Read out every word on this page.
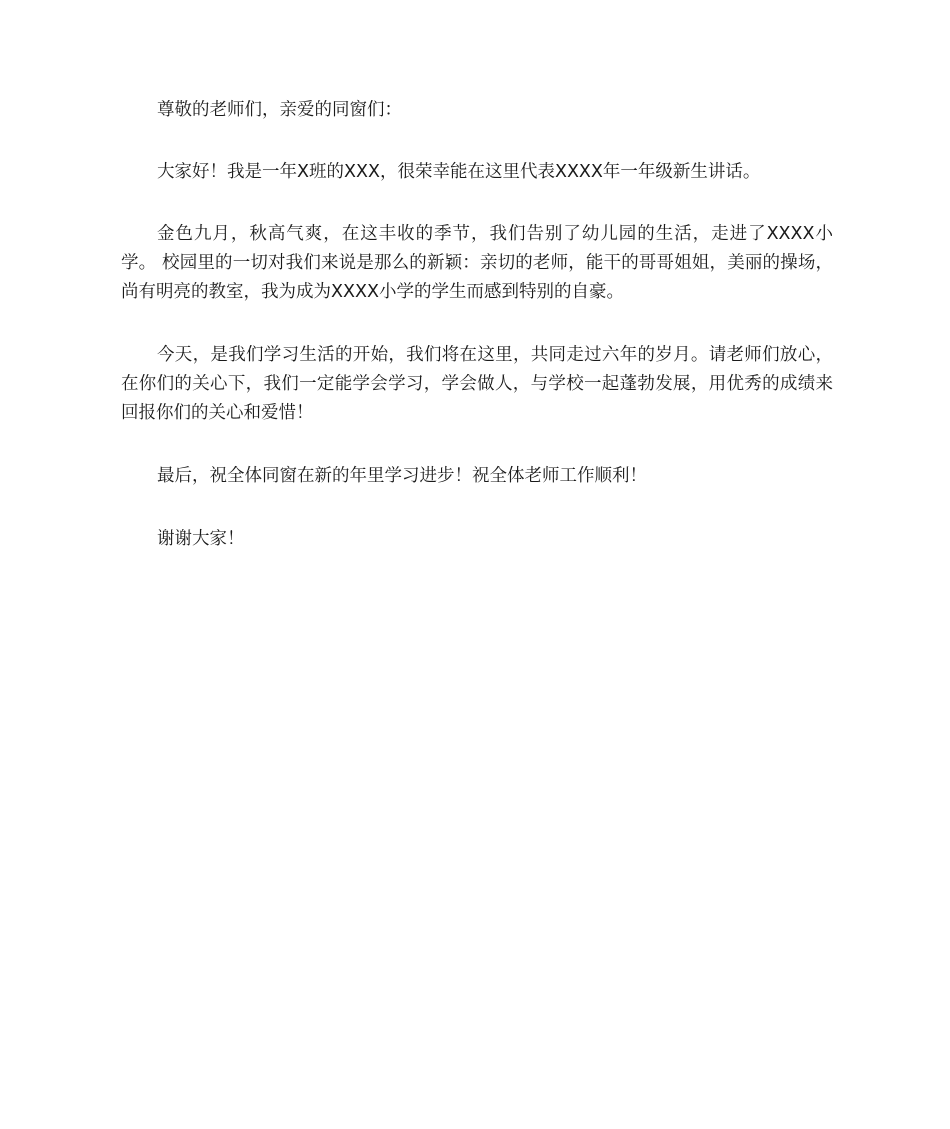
尊敬的老师们，亲爱的同窗们：

大家好！我是一年X班的XXX，很荣幸能在这里代表XXXX年一年级新生讲话。

金色九月，秋高气爽，在这丰收的季节，我们告别了幼儿园的生活，走进了XXXX小学。 校园里的一切对我们来说是那么的新颖：亲切的老师，能干的哥哥姐姐，美丽的操场，尚有明亮的教室，我为成为XXXX小学的学生而感到特别的自豪。

今天，是我们学习生活的开始，我们将在这里，共同走过六年的岁月。请老师们放心，在你们的关心下，我们一定能学会学习，学会做人，与学校一起蓬勃发展，用优秀的成绩来回报你们的关心和爱惜！

最后，祝全体同窗在新的年里学习进步！祝全体老师工作顺利！

谢谢大家！
